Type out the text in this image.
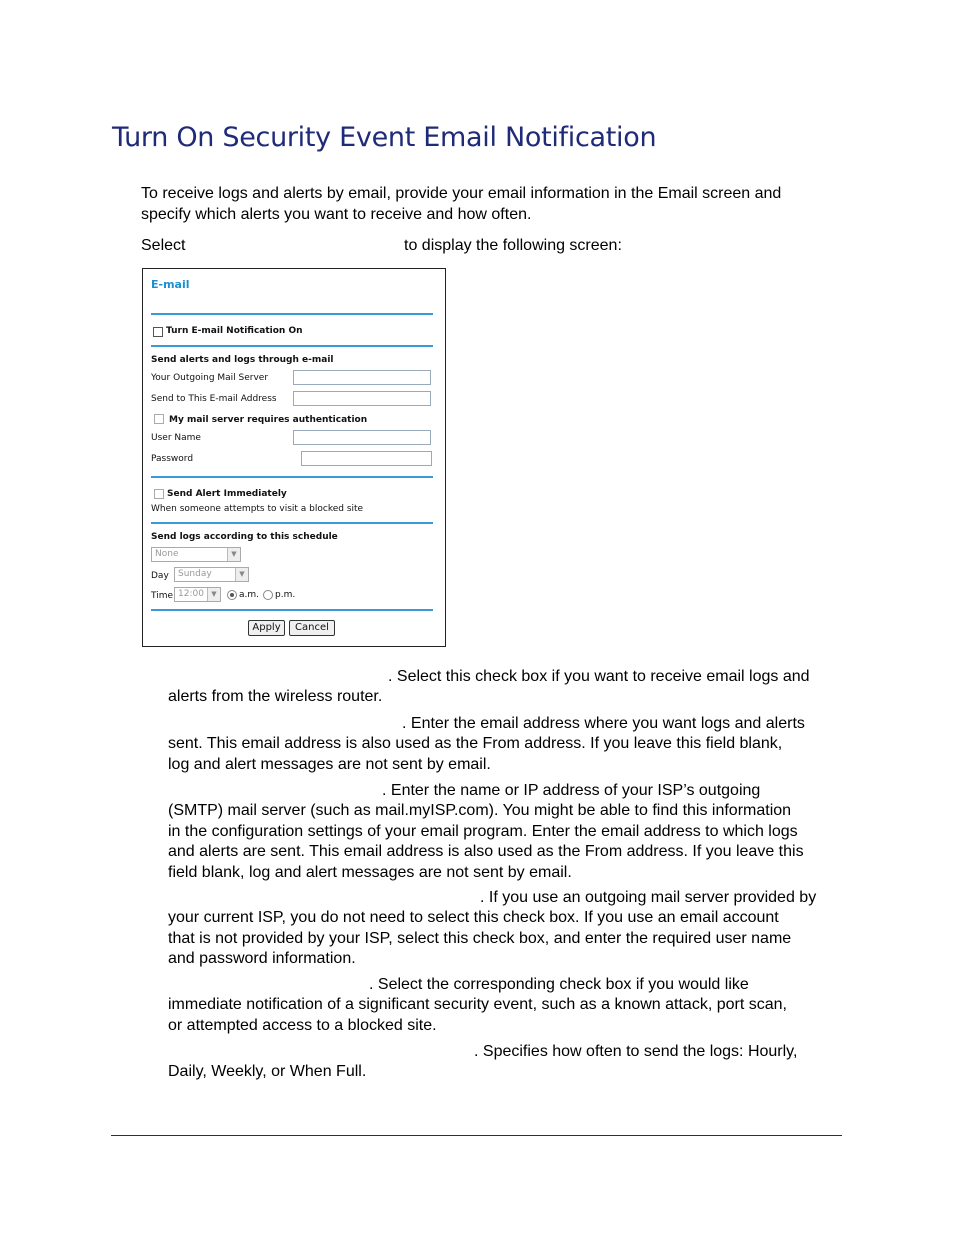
Turn On Security Event Email Notification
To receive logs and alerts by email, provide your email information in the Email screen and
specify which alerts you want to receive and how often.
Select	to display the following screen:
E-mail
Turn E-mail Notification On
Send alerts and logs through e-mail
Your Outgoing Mail Server
Send to This E-mail Address
My mail server requires authentication
User Name
Password
Send Alert Immediately
When someone attempts to visit a blocked site
Send logs according to this schedule
None	▼
Day	Sunday	▼
Time 12:00	▼	a.m. p.m.
Apply	Cancel
. Select this check box if you want to receive email logs and
alerts from the wireless router.
. Enter the email address where you want logs and alerts
sent. This email address is also used as the From address. If you leave this field blank,
log and alert messages are not sent by email.
. Enter the name or IP address of your ISP’s outgoing
(SMTP) mail server (such as mail.myISP.com). You might be able to find this information
in the configuration settings of your email program. Enter the email address to which logs
and alerts are sent. This email address is also used as the From address. If you leave this
field blank, log and alert messages are not sent by email.
. If you use an outgoing mail server provided by
your current ISP, you do not need to select this check box. If you use an email account
that is not provided by your ISP, select this check box, and enter the required user name
and password information.
. Select the corresponding check box if you would like
immediate notification of a significant security event, such as a known attack, port scan,
or attempted access to a blocked site.
. Specifies how often to send the logs: Hourly,
Daily, Weekly, or When Full.
